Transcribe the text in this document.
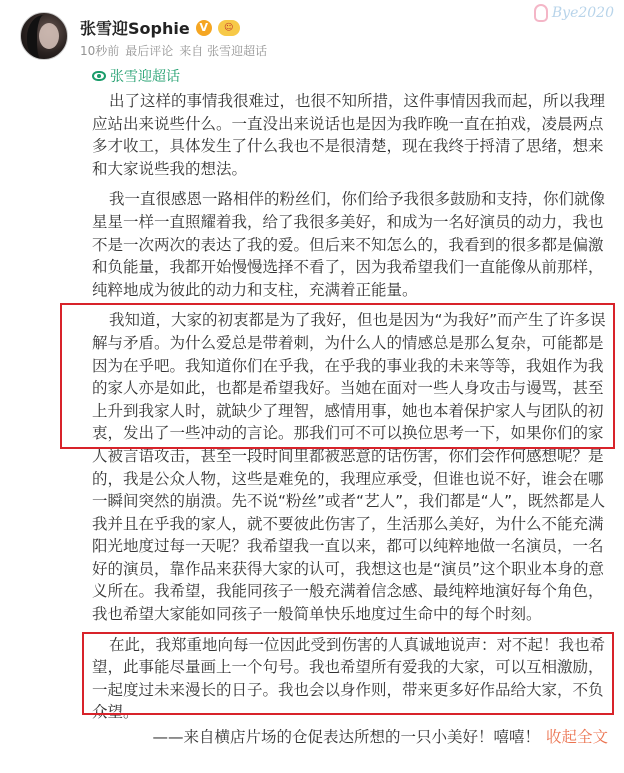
张雪迎Sophie V	☺
10秒前 最后评论 来自 张雪迎超话
Bye2020
张雪迎超话

出了这样的事情我很难过，也很不知所措，这件事情因我而起，所以我理应站出来说些什么。一直没出来说话也是因为我昨晚一直在拍戏，凌晨两点多才收工，具体发生了什么我也不是很清楚，现在我终于捋清了思绪，想来和大家说些我的想法。

我一直很感恩一路相伴的粉丝们，你们给予我很多鼓励和支持，你们就像星星一样一直照耀着我，给了我很多美好，和成为一名好演员的动力，我也不是一次两次的表达了我的爱。但后来不知怎么的，我看到的很多都是偏激和负能量，我都开始慢慢选择不看了，因为我希望我们一直能像从前那样，纯粹地成为彼此的动力和支柱，充满着正能量。

我知道，大家的初衷都是为了我好，但也是因为“为我好”而产生了许多误解与矛盾。为什么爱总是带着刺，为什么人的情感总是那么复杂，可能都是因为在乎吧。我知道你们在乎我，在乎我的事业我的未来等等，我姐作为我的家人亦是如此，也都是希望我好。当她在面对一些人身攻击与谩骂，甚至上升到我家人时，就缺少了理智，感情用事，她也本着保护家人与团队的初衷，发出了一些冲动的言论。那我们可不可以换位思考一下，如果你们的家人被言语攻击，甚至一段时间里都被恶意的话伤害，你们会作何感想呢？是的，我是公众人物，这些是难免的，我理应承受，但谁也说不好，谁会在哪一瞬间突然的崩溃。先不说“粉丝”或者“艺人”，我们都是“人”，既然都是人我并且在乎我的家人，就不要彼此伤害了，生活那么美好，为什么不能充满阳光地度过每一天呢？我希望我一直以来，都可以纯粹地做一名演员，一名好的演员，靠作品来获得大家的认可，我想这也是“演员”这个职业本身的意义所在。我希望，我能同孩子一般充满着信念感、最纯粹地演好每个角色，我也希望大家能如同孩子一般简单快乐地度过生命中的每个时刻。

在此，我郑重地向每一位因此受到伤害的人真诚地说声：对不起！我也希望，此事能尽量画上一个句号。我也希望所有爱我的大家，可以互相激励，一起度过未来漫长的日子。我也会以身作则，带来更多好作品给大家，不负众望。

——来自横店片场的仓促表达所想的一只小美好！嘻嘻！ 收起全文
